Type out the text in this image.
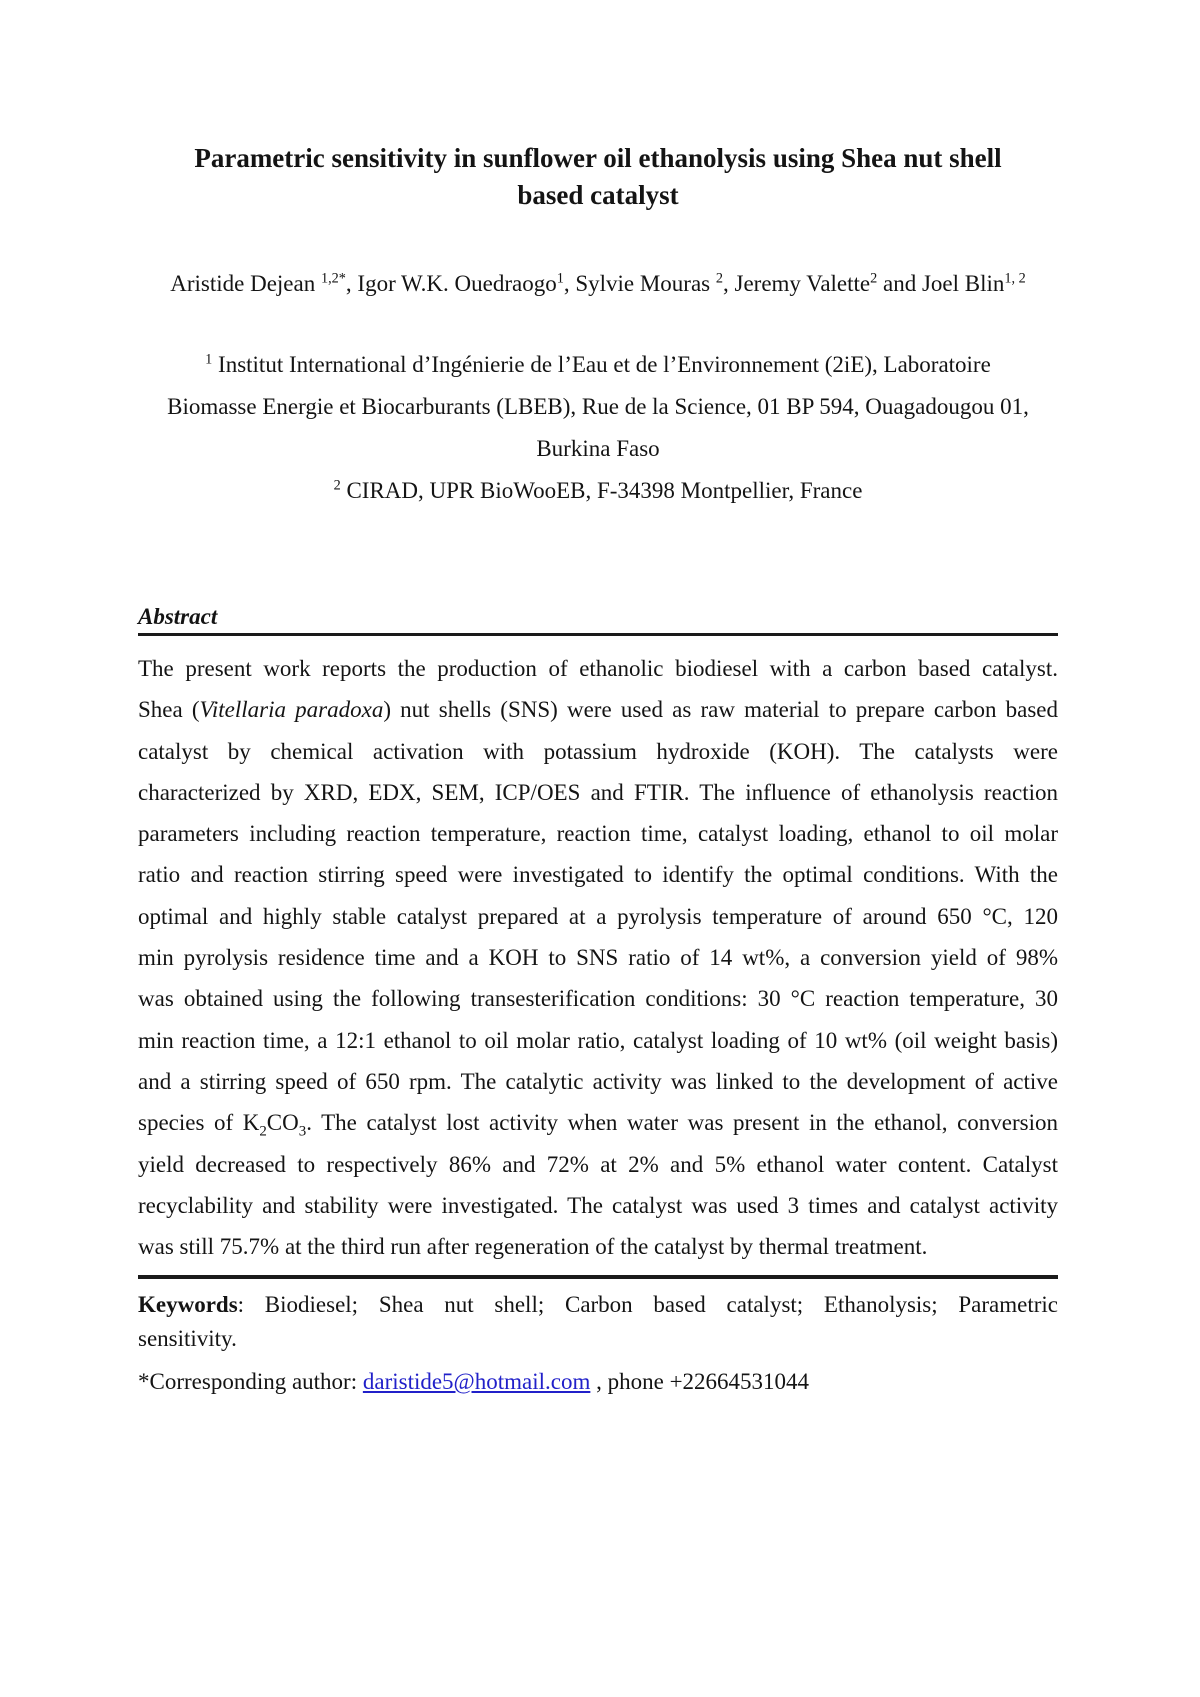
Parametric sensitivity in sunflower oil ethanolysis using Shea nut shell
based catalyst
Aristide Dejean $^{1,2*}$, Igor W.K. Ouedraogo$^1$, Sylvie Mouras $^2$, Jeremy Valette$^2$ and Joel Blin$^{1, 2}$
$^1$ Institut International d’Ingénierie de l’Eau et de l’Environnement (2iE), Laboratoire
Biomasse Energie et Biocarburants (LBEB), Rue de la Science, 01 BP 594, Ouagadougou 01,
Burkina Faso
$^2$ CIRAD, UPR BioWooEB, F-34398 Montpellier, France
Abstract
The present work reports the production of ethanolic biodiesel with a carbon based catalyst.
Shea (Vitellaria paradoxa) nut shells (SNS) were used as raw material to prepare carbon based
catalyst by chemical activation with potassium hydroxide (KOH). The catalysts were
characterized by XRD, EDX, SEM, ICP/OES and FTIR. The influence of ethanolysis reaction
parameters including reaction temperature, reaction time, catalyst loading, ethanol to oil molar
ratio and reaction stirring speed were investigated to identify the optimal conditions. With the
optimal and highly stable catalyst prepared at a pyrolysis temperature of around 650 °C, 120
min pyrolysis residence time and a KOH to SNS ratio of 14 wt%, a conversion yield of 98%
was obtained using the following transesterification conditions: 30 °C reaction temperature, 30
min reaction time, a 12:1 ethanol to oil molar ratio, catalyst loading of 10 wt% (oil weight basis)
and a stirring speed of 650 rpm. The catalytic activity was linked to the development of active
species of $K_2CO_3$. The catalyst lost activity when water was present in the ethanol, conversion
yield decreased to respectively 86% and 72% at 2% and 5% ethanol water content. Catalyst
recyclability and stability were investigated. The catalyst was used 3 times and catalyst activity
was still 75.7% at the third run after regeneration of the catalyst by thermal treatment.
Keywords: Biodiesel; Shea nut shell; Carbon based catalyst; Ethanolysis; Parametric
sensitivity.
*Corresponding author: daristide5@hotmail.com , phone +22664531044
